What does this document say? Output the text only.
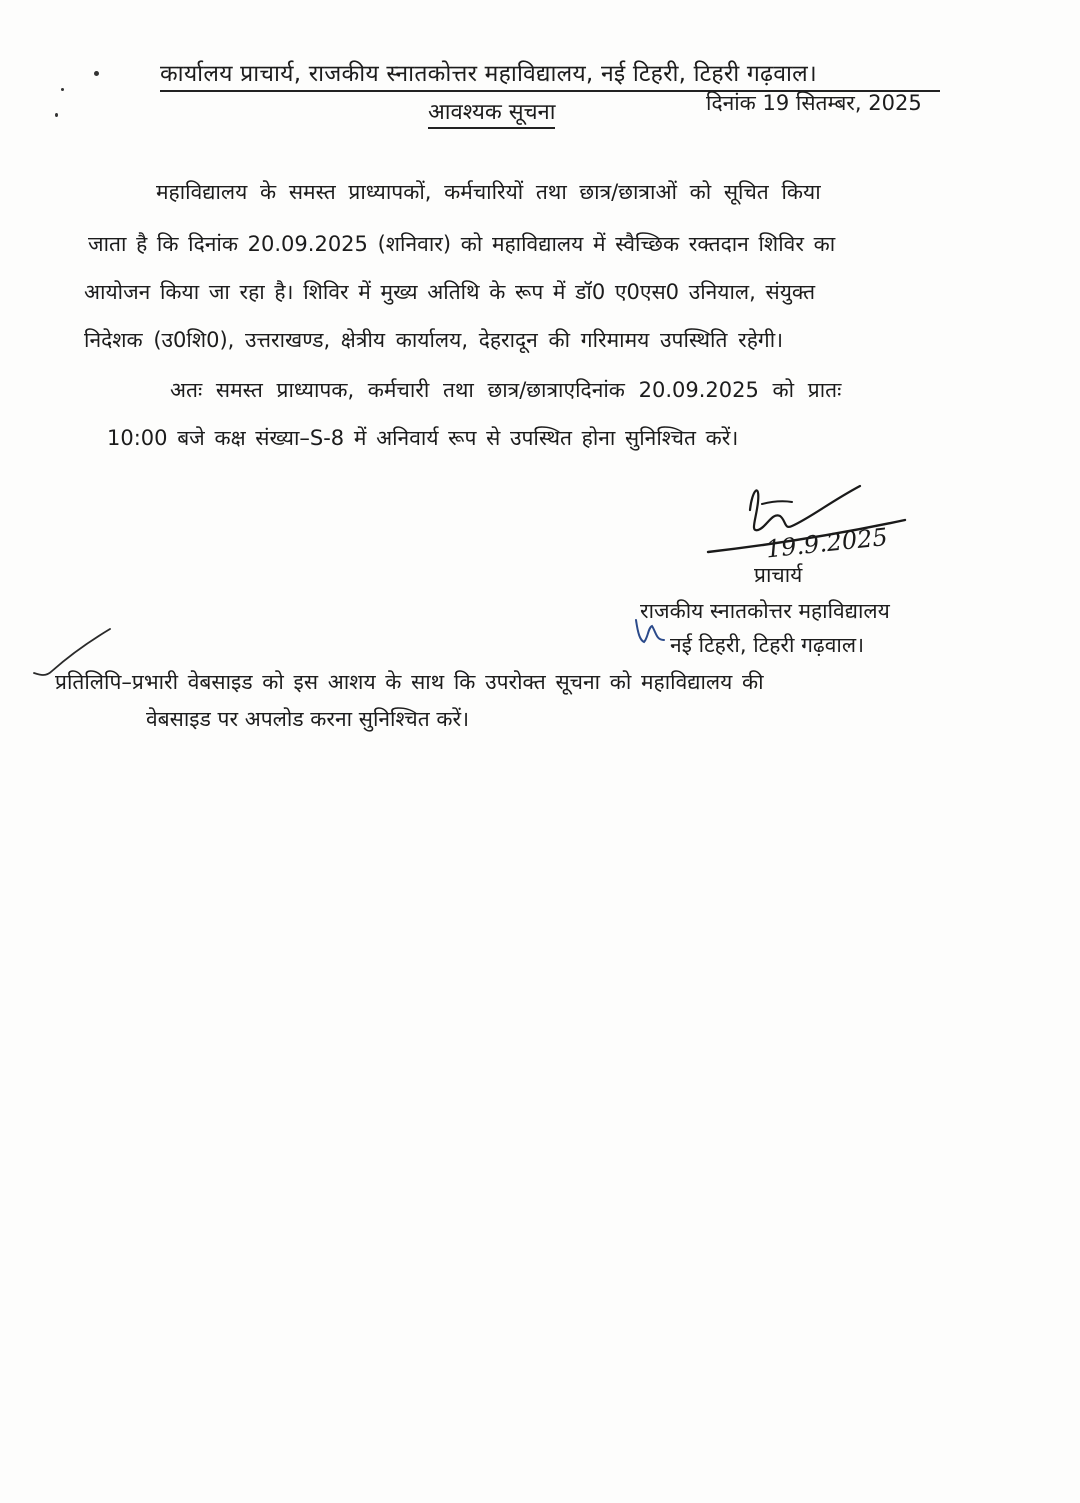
कार्यालय प्राचार्य, राजकीय स्नातकोत्तर महाविद्यालय, नई टिहरी, टिहरी गढ़वाल।
आवश्यक सूचना	दिनांक 19 सितम्बर, 2025
महाविद्यालय के समस्त प्राध्यापकों, कर्मचारियों तथा छात्र/छात्राओं को सूचित किया
जाता है कि दिनांक 20.09.2025 (शनिवार) को महाविद्यालय में स्वैच्छिक रक्तदान शिविर का
आयोजन किया जा रहा है। शिविर में मुख्य अतिथि के रूप में डॉ0 ए0एस0 उनियाल, संयुक्त
निदेशक (उ0शि0), उत्तराखण्ड, क्षेत्रीय कार्यालय, देहरादून की गरिमामय उपस्थिति रहेगी।
अतः समस्त प्राध्यापक, कर्मचारी तथा छात्र/छात्राएदिनांक 20.09.2025 को प्रातः
10:00 बजे कक्ष संख्या–S-8 में अनिवार्य रूप से उपस्थित होना सुनिश्चित करें।
19.9.2025
प्राचार्य
राजकीय स्नातकोत्तर महाविद्यालय
नई टिहरी, टिहरी गढ़वाल।
प्रतिलिपि–प्रभारी वेबसाइड को इस आशय के साथ कि उपरोक्त सूचना को महाविद्यालय की
वेबसाइड पर अपलोड करना सुनिश्चित करें।
